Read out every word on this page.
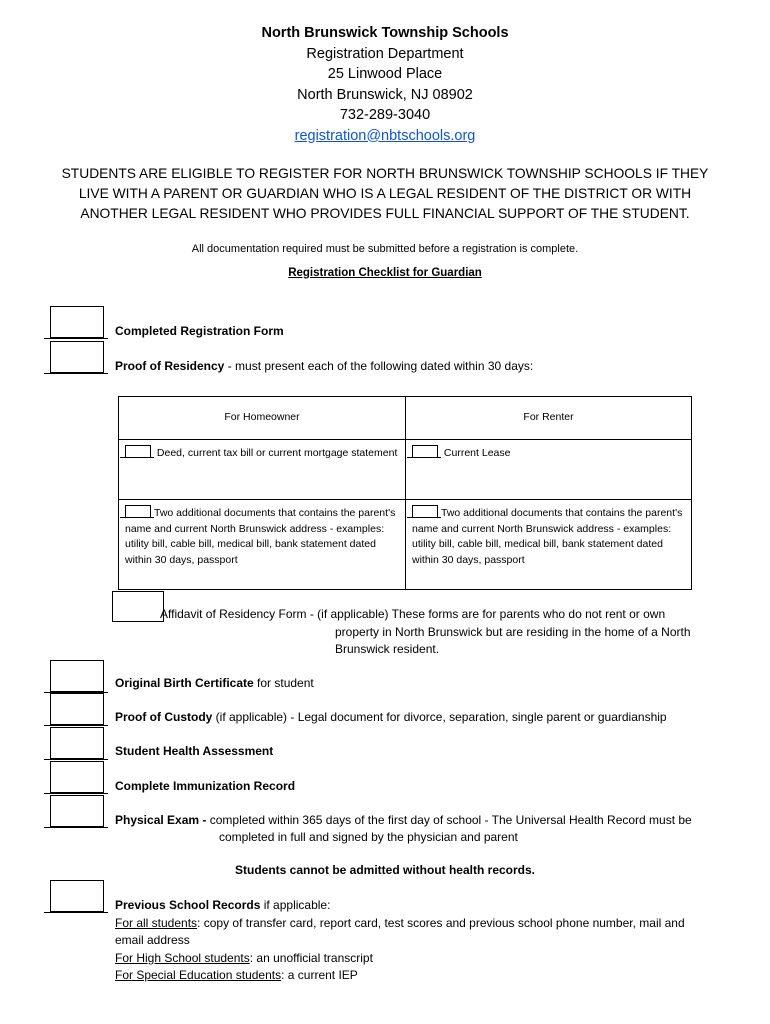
North Brunswick Township Schools
Registration Department
25 Linwood Place
North Brunswick, NJ 08902
732-289-3040
registration@nbtschools.org
STUDENTS ARE ELIGIBLE TO REGISTER FOR NORTH BRUNSWICK TOWNSHIP SCHOOLS IF THEY
LIVE WITH A PARENT OR GUARDIAN WHO IS A LEGAL RESIDENT OF THE DISTRICT OR WITH
ANOTHER LEGAL RESIDENT WHO PROVIDES FULL FINANCIAL SUPPORT OF THE STUDENT.
All documentation required must be submitted before a registration is complete.
Registration Checklist for Guardian
Completed Registration Form
Proof of Residency - must present each of the following dated within 30 days:
For Homeowner	For Renter

Deed, current tax bill or current mortgage statement	Current Lease

Two additional documents that contains the parent's name and current North Brunswick address - examples: utility bill, cable bill, medical bill, bank statement dated within 30 days, passport	Two additional documents that contains the parent's name and current North Brunswick address - examples: utility bill, cable bill, medical bill, bank statement dated within 30 days, passport
Affidavit of Residency Form - (if applicable) These forms are for parents who do not rent or own
property in North Brunswick but are residing in the home of a North
Brunswick resident.
Original Birth Certificate for student
Proof of Custody (if applicable) - Legal document for divorce, separation, single parent or guardianship
Student Health Assessment
Complete Immunization Record
Physical Exam - completed within 365 days of the first day of school - The Universal Health Record must be
completed in full and signed by the physician and parent
Students cannot be admitted without health records.
Previous School Records if applicable:
For all students: copy of transfer card, report card, test scores and previous school phone number, mail and
email address
For High School students: an unofficial transcript
For Special Education students: a current IEP
